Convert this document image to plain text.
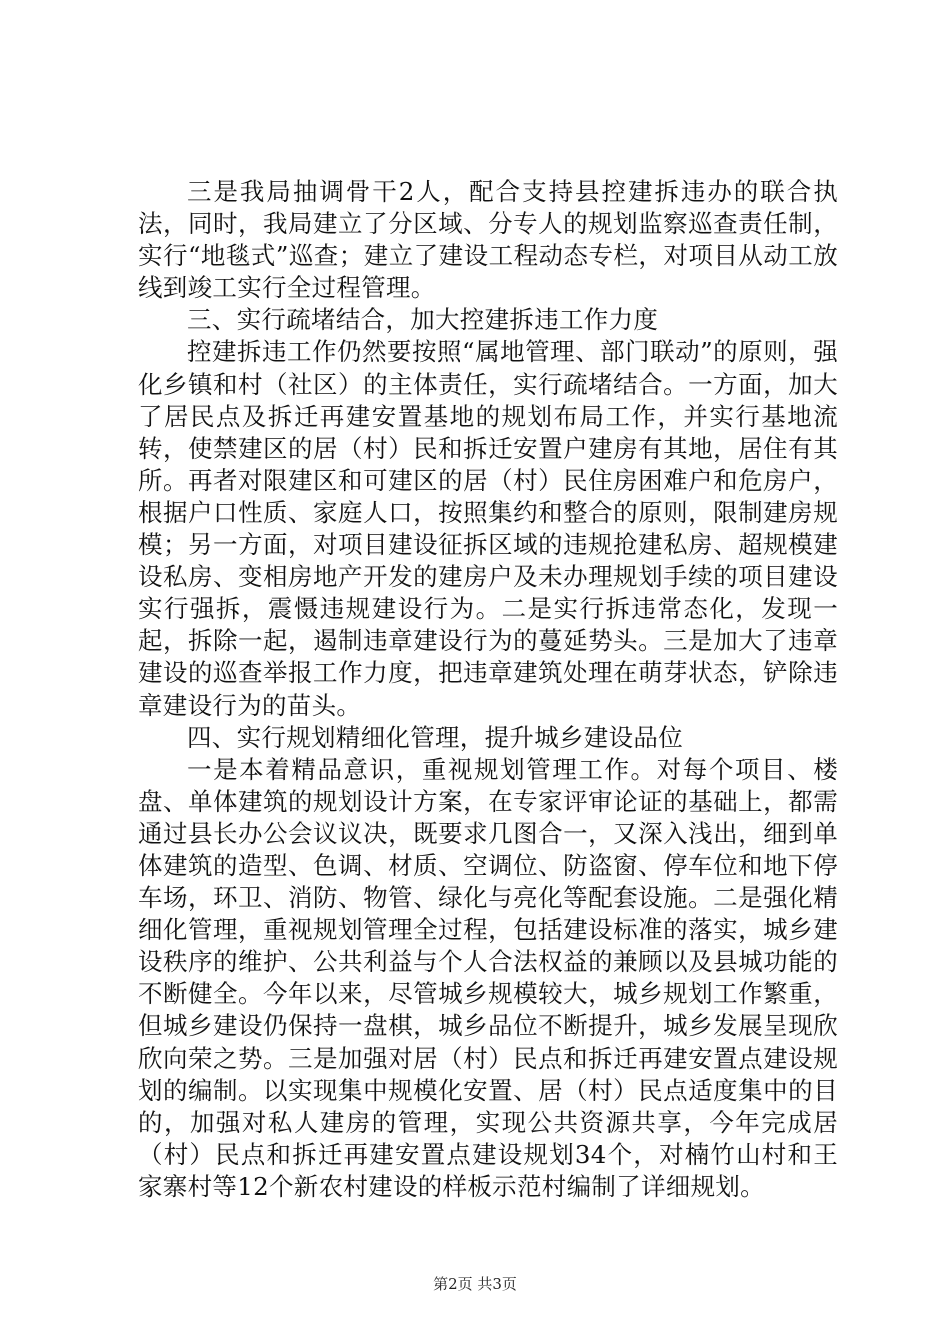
三是我局抽调骨干2人，配合支持县控建拆违办的联合执法，同时，我局建立了分区域、分专人的规划监察巡查责任制，实行“地毯式”巡查；建立了建设工程动态专栏，对项目从动工放线到竣工实行全过程管理。

三、实行疏堵结合，加大控建拆违工作力度

控建拆违工作仍然要按照“属地管理、部门联动”的原则，强化乡镇和村（社区）的主体责任，实行疏堵结合。一方面，加大了居民点及拆迁再建安置基地的规划布局工作，并实行基地流转，使禁建区的居（村）民和拆迁安置户建房有其地，居住有其所。再者对限建区和可建区的居（村）民住房困难户和危房户，根据户口性质、家庭人口，按照集约和整合的原则，限制建房规模；另一方面，对项目建设征拆区域的违规抢建私房、超规模建设私房、变相房地产开发的建房户及未办理规划手续的项目建设实行强拆，震慑违规建设行为。二是实行拆违常态化，发现一起，拆除一起，遏制违章建设行为的蔓延势头。三是加大了违章建设的巡查举报工作力度，把违章建筑处理在萌芽状态，铲除违章建设行为的苗头。

四、实行规划精细化管理，提升城乡建设品位

一是本着精品意识，重视规划管理工作。对每个项目、楼盘、单体建筑的规划设计方案，在专家评审论证的基础上，都需通过县长办公会议议决，既要求几图合一，又深入浅出，细到单体建筑的造型、色调、材质、空调位、防盗窗、停车位和地下停车场，环卫、消防、物管、绿化与亮化等配套设施。二是强化精细化管理，重视规划管理全过程，包括建设标准的落实，城乡建设秩序的维护、公共利益与个人合法权益的兼顾以及县城功能的不断健全。今年以来，尽管城乡规模较大，城乡规划工作繁重，但城乡建设仍保持一盘棋，城乡品位不断提升，城乡发展呈现欣欣向荣之势。三是加强对居（村）民点和拆迁再建安置点建设规划的编制。以实现集中规模化安置、居（村）民点适度集中的目的，加强对私人建房的管理，实现公共资源共享，今年完成居（村）民点和拆迁再建安置点建设规划34个，对楠竹山村和王家寨村等12个新农村建设的样板示范村编制了详细规划。

第2页 共3页
